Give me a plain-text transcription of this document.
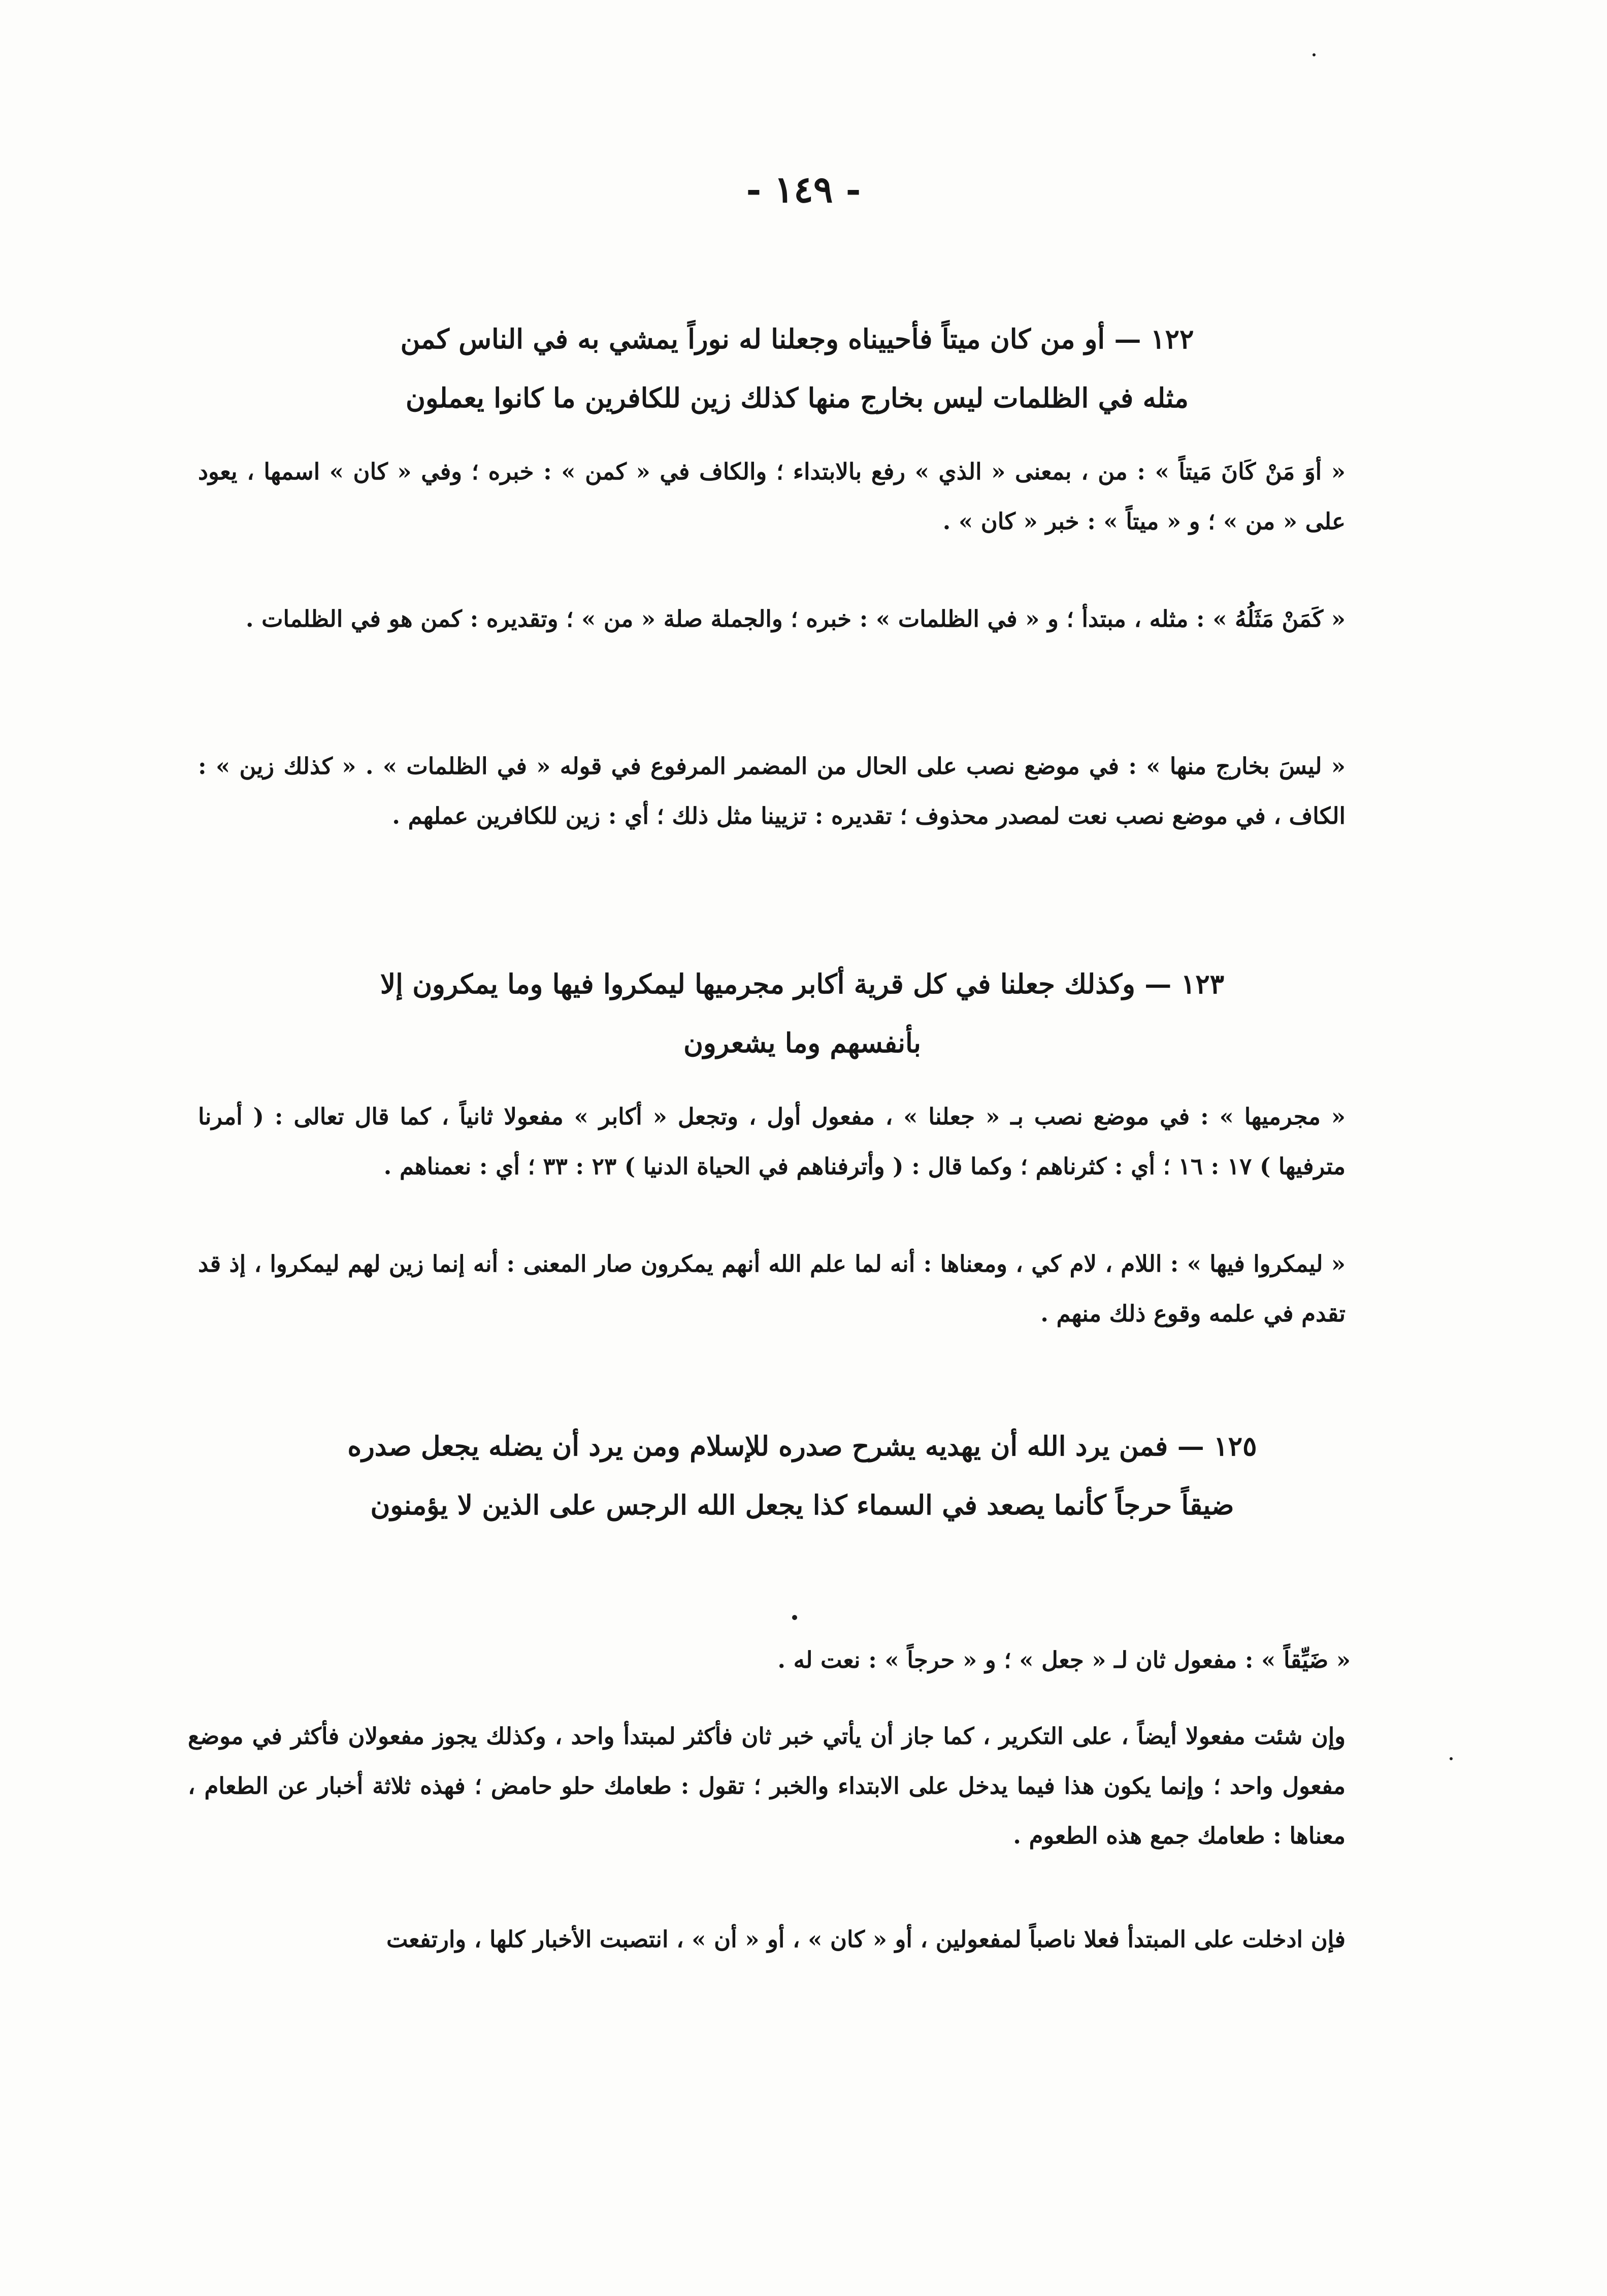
- ١٤٩ -

١٢٢ — أو من كان ميتاً فأحييناه وجعلنا له نوراً يمشي به في الناس كمن مثله في الظلمات ليس بخارج منها كذلك زين للكافرين ما كانوا يعملون

« أوَ مَنْ كَانَ مَيتاً » : من ، بمعنى « الذي » رفع بالابتداء ؛ والكاف في « كمن » : خبره ؛ وفي « كان » اسمها ، يعود على « من » ؛ و « ميتاً » : خبر « كان » .

« كَمَنْ مَثَلُهُ » : مثله ، مبتدأ ؛ و « في الظلمات » : خبره ؛ والجملة صلة « من » ؛ وتقديره : كمن هو في الظلمات .

« ليسَ بخارج منها » : في موضع نصب على الحال من المضمر المرفوع في قوله « في الظلمات » . « كذلك زين » : الكاف ، في موضع نصب نعت لمصدر محذوف ؛ تقديره : تزيينا مثل ذلك ؛ أي : زين للكافرين عملهم .

١٢٣ — وكذلك جعلنا في كل قرية أكابر مجرميها ليمكروا فيها وما يمكرون إلا بأنفسهم وما يشعرون

« مجرميها » : في موضع نصب بـ « جعلنا » ، مفعول أول ، وتجعل « أكابر » مفعولا ثانياً ، كما قال تعالى : ( أمرنا مترفيها ) ١٧ : ١٦ ؛ أي : كثرناهم ؛ وكما قال : ( وأترفناهم في الحياة الدنيا ) ٢٣ : ٣٣ ؛ أي : نعمناهم .

« ليمكروا فيها » : اللام ، لام كي ، ومعناها : أنه لما علم الله أنهم يمكرون صار المعنى : أنه إنما زين لهم ليمكروا ، إذ قد تقدم في علمه وقوع ذلك منهم .

١٢٥ — فمن يرد الله أن يهديه يشرح صدره للإسلام ومن يرد أن يضله يجعل صدره ضيقاً حرجاً كأنما يصعد في السماء كذا يجعل الله الرجس على الذين لا يؤمنون

« ضَيِّقاً » : مفعول ثان لـ « جعل » ؛ و « حرجاً » : نعت له .

وإن شئت مفعولا أيضاً ، على التكرير ، كما جاز أن يأتي خبر ثان فأكثر لمبتدأ واحد ، وكذلك يجوز مفعولان فأكثر في موضع مفعول واحد ؛ وإنما يكون هذا فيما يدخل على الابتداء والخبر ؛ تقول : طعامك حلو حامض ؛ فهذه ثلاثة أخبار عن الطعام ، معناها : طعامك جمع هذه الطعوم .

فإن ادخلت على المبتدأ فعلا ناصباً لمفعولين ، أو « كان » ، أو « أن » ، انتصبت الأخبار كلها ، وارتفعت
